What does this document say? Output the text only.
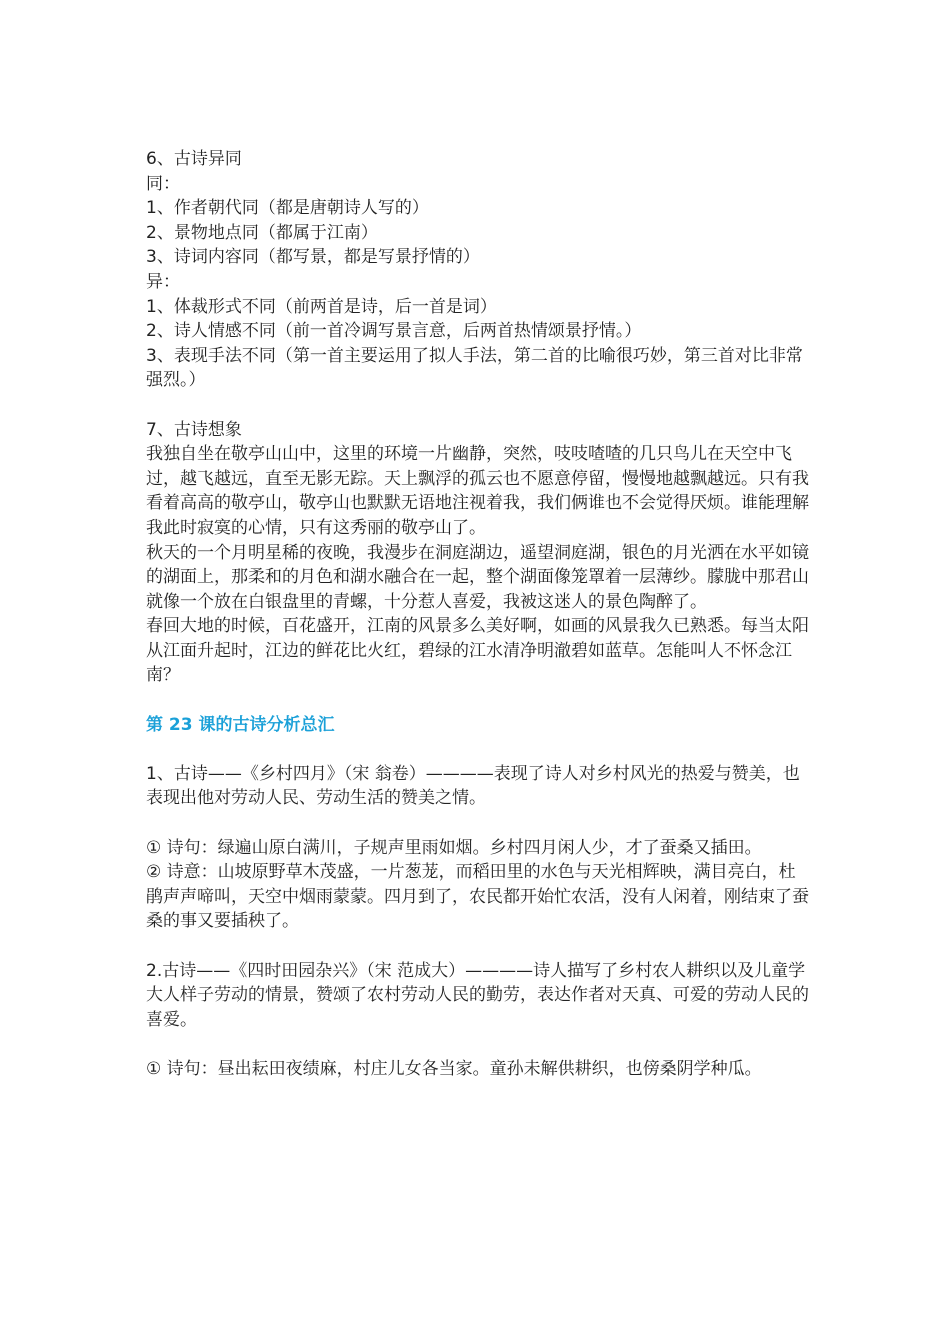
6、古诗异同

同：

1、作者朝代同（都是唐朝诗人写的）

2、景物地点同（都属于江南）

3、诗词内容同（都写景，都是写景抒情的）

异：

1、体裁形式不同（前两首是诗，后一首是词）

2、诗人情感不同（前一首冷调写景言意，后两首热情颂景抒情。）

3、表现手法不同（第一首主要运用了拟人手法，第二首的比喻很巧妙，第三首对比非常强烈。）

7、古诗想象

我独自坐在敬亭山山中，这里的环境一片幽静，突然，吱吱喳喳的几只鸟儿在天空中飞过，越飞越远，直至无影无踪。天上飘浮的孤云也不愿意停留，慢慢地越飘越远。只有我看着高高的敬亭山，敬亭山也默默无语地注视着我，我们俩谁也不会觉得厌烦。谁能理解我此时寂寞的心情，只有这秀丽的敬亭山了。

秋天的一个月明星稀的夜晚，我漫步在洞庭湖边，遥望洞庭湖，银色的月光洒在水平如镜的湖面上，那柔和的月色和湖水融合在一起，整个湖面像笼罩着一层薄纱。朦胧中那君山就像一个放在白银盘里的青螺，十分惹人喜爱，我被这迷人的景色陶醉了。

春回大地的时候，百花盛开，江南的风景多么美好啊，如画的风景我久已熟悉。每当太阳从江面升起时，江边的鲜花比火红，碧绿的江水清净明澈碧如蓝草。怎能叫人不怀念江南？

第 23 课的古诗分析总汇

1、古诗——《乡村四月》（宋 翁卷）————表现了诗人对乡村风光的热爱与赞美，也表现出他对劳动人民、劳动生活的赞美之情。

① 诗句：绿遍山原白满川，子规声里雨如烟。乡村四月闲人少，才了蚕桑又插田。

② 诗意：山坡原野草木茂盛，一片葱茏，而稻田里的水色与天光相辉映，满目亮白，杜鹃声声啼叫，天空中烟雨蒙蒙。四月到了，农民都开始忙农活，没有人闲着，刚结束了蚕桑的事又要插秧了。

2.古诗——《四时田园杂兴》（宋 范成大）————诗人描写了乡村农人耕织以及儿童学大人样子劳动的情景，赞颂了农村劳动人民的勤劳，表达作者对天真、可爱的劳动人民的喜爱。

① 诗句：昼出耘田夜绩麻，村庄儿女各当家。童孙未解供耕织，也傍桑阴学种瓜。
